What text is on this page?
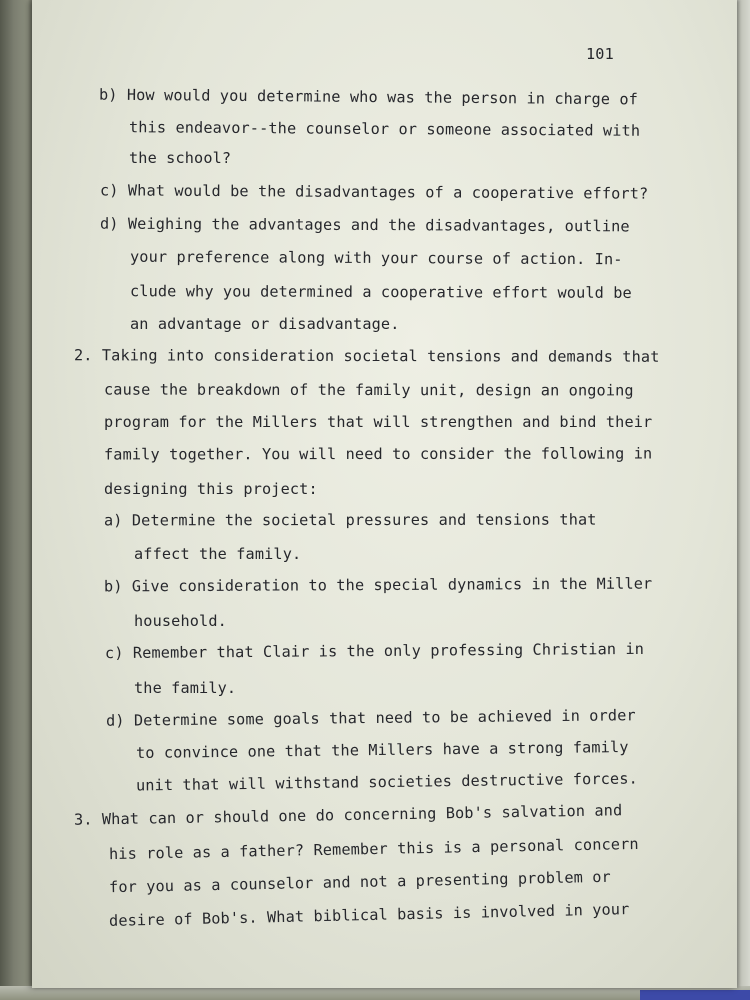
101
b) How would you determine who was the person in charge of
this endeavor--the counselor or someone associated with
the school?
c) What would be the disadvantages of a cooperative effort?
d) Weighing the advantages and the disadvantages, outline
your preference along with your course of action. In-
clude why you determined a cooperative effort would be
an advantage or disadvantage.
2. Taking into consideration societal tensions and demands that
cause the breakdown of the family unit, design an ongoing
program for the Millers that will strengthen and bind their
family together. You will need to consider the following in
designing this project:
a) Determine the societal pressures and tensions that
affect the family.
b) Give consideration to the special dynamics in the Miller
household.
c) Remember that Clair is the only professing Christian in
the family.
d) Determine some goals that need to be achieved in order
to convince one that the Millers have a strong family
unit that will withstand societies destructive forces.
3. What can or should one do concerning Bob's salvation and
his role as a father? Remember this is a personal concern
for you as a counselor and not a presenting problem or
desire of Bob's. What biblical basis is involved in your
